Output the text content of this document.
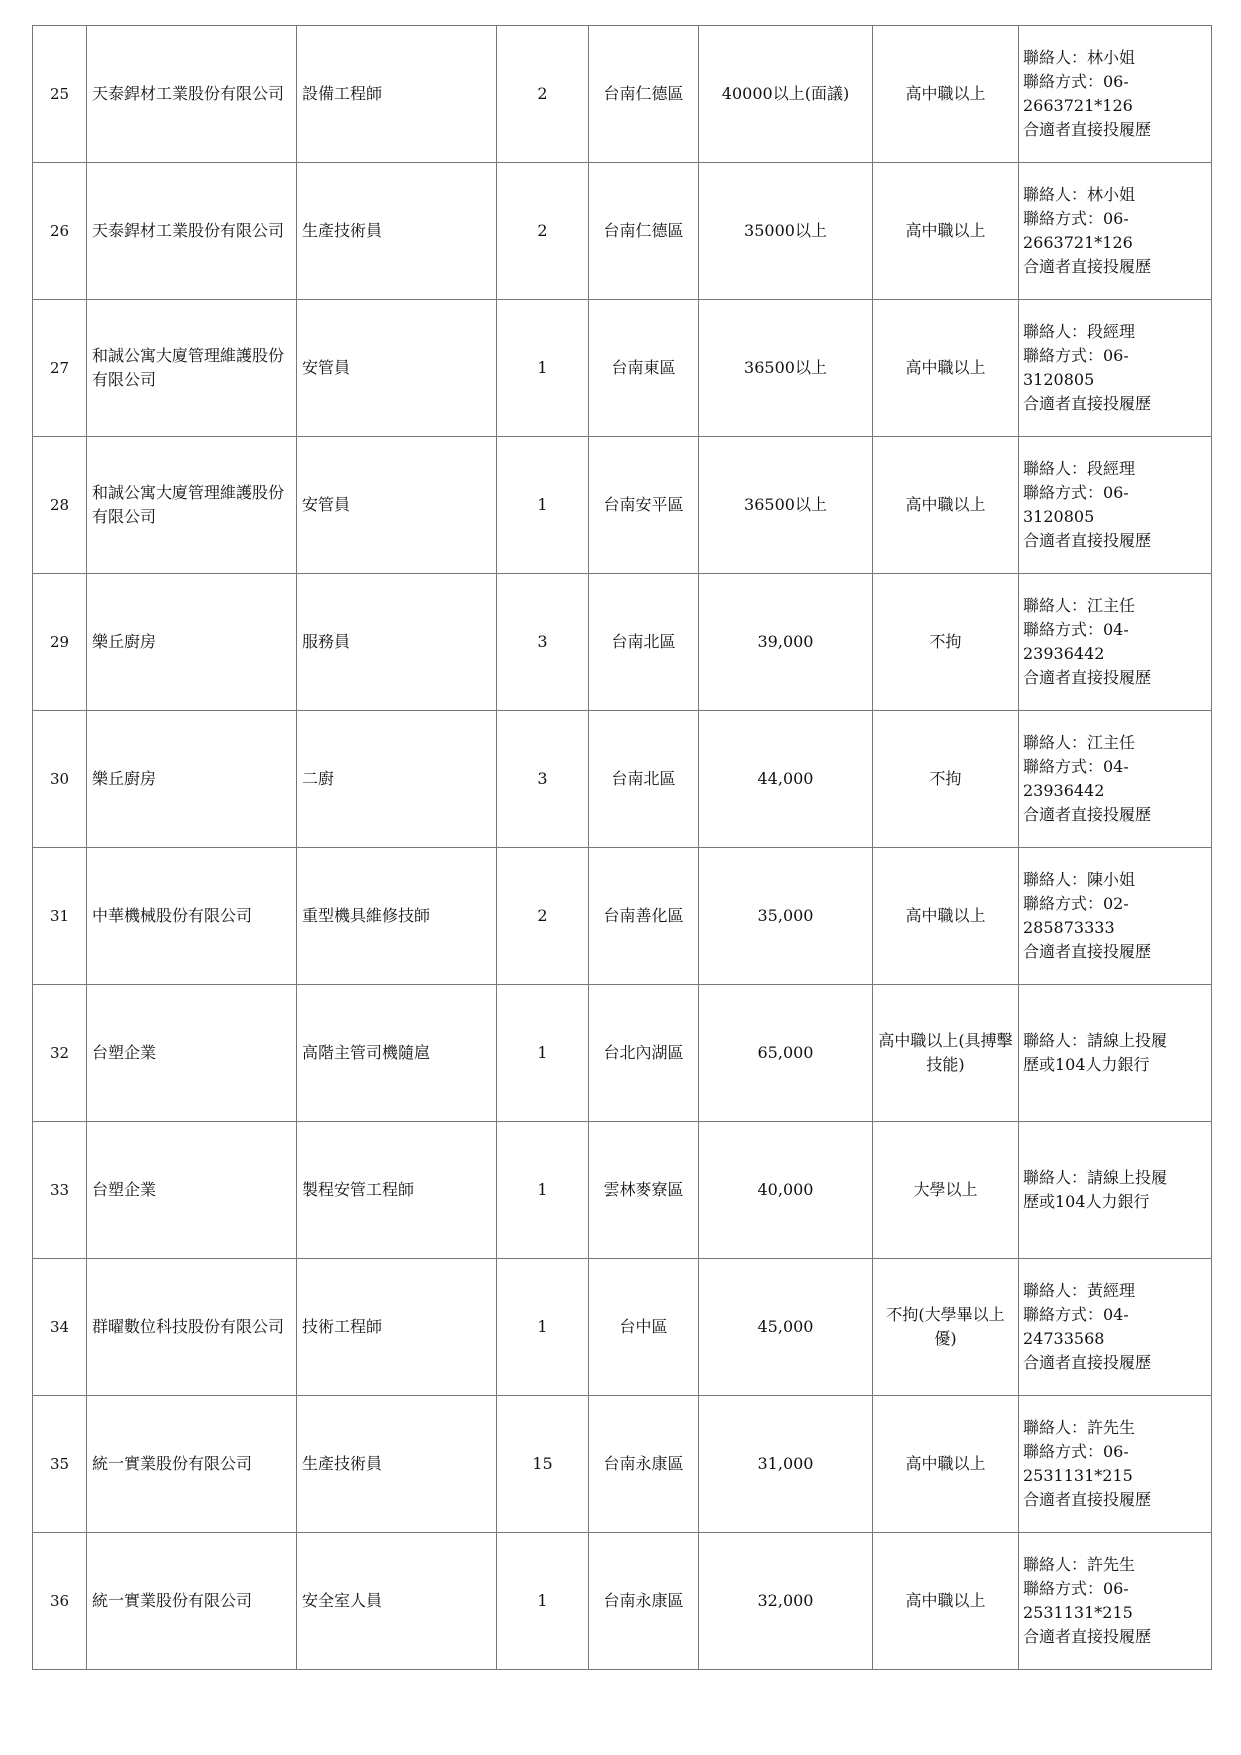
25	天泰銲材工業股份有限公司	設備工程師	2	台南仁德區	40000以上(面議)	高中職以上	聯絡人：林小姐
聯絡方式：06-
2663721*126
合適者直接投履歷

26	天泰銲材工業股份有限公司	生產技術員	2	台南仁德區	35000以上	高中職以上	聯絡人：林小姐
聯絡方式：06-
2663721*126
合適者直接投履歷

27	和誠公寓大廈管理維護股份有限公司	安管員	1	台南東區	36500以上	高中職以上	聯絡人：段經理
聯絡方式：06-
3120805
合適者直接投履歷

28	和誠公寓大廈管理維護股份有限公司	安管員	1	台南安平區	36500以上	高中職以上	聯絡人：段經理
聯絡方式：06-
3120805
合適者直接投履歷

29	樂丘廚房	服務員	3	台南北區	39,000	不拘	聯絡人：江主任
聯絡方式：04-
23936442
合適者直接投履歷

30	樂丘廚房	二廚	3	台南北區	44,000	不拘	聯絡人：江主任
聯絡方式：04-
23936442
合適者直接投履歷

31	中華機械股份有限公司	重型機具維修技師	2	台南善化區	35,000	高中職以上	聯絡人：陳小姐
聯絡方式：02-
285873333
合適者直接投履歷

32	台塑企業	高階主管司機隨扈	1	台北內湖區	65,000	高中職以上(具搏擊技能)	聯絡人：請線上投履
歷或104人力銀行

33	台塑企業	製程安管工程師	1	雲林麥寮區	40,000	大學以上	聯絡人：請線上投履
歷或104人力銀行

34	群曜數位科技股份有限公司	技術工程師	1	台中區	45,000	不拘(大學畢以上優)	聯絡人：黃經理
聯絡方式：04-
24733568
合適者直接投履歷

35	統一實業股份有限公司	生產技術員	15	台南永康區	31,000	高中職以上	聯絡人：許先生
聯絡方式：06-
2531131*215
合適者直接投履歷

36	統一實業股份有限公司	安全室人員	1	台南永康區	32,000	高中職以上	聯絡人：許先生
聯絡方式：06-
2531131*215
合適者直接投履歷
